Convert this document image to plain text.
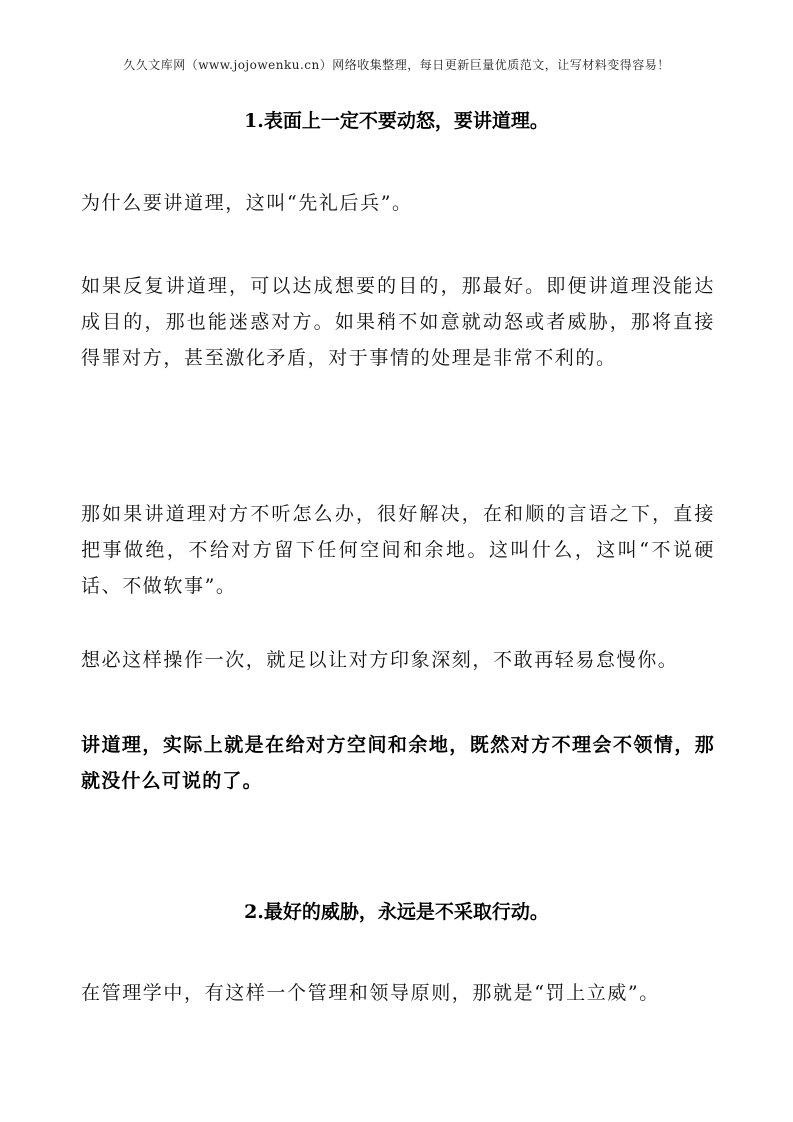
久久文库网（www.jojowenku.cn）网络收集整理，每日更新巨量优质范文，让写材料变得容易！
1.表面上一定不要动怒，要讲道理。
为什么要讲道理，这叫“先礼后兵”。
如果反复讲道理，可以达成想要的目的，那最好。即便讲道理没能达成目的，那也能迷惑对方。如果稍不如意就动怒或者威胁，那将直接得罪对方，甚至激化矛盾，对于事情的处理是非常不利的。
那如果讲道理对方不听怎么办，很好解决，在和顺的言语之下，直接把事做绝，不给对方留下任何空间和余地。这叫什么，这叫“不说硬话、不做软事”。
想必这样操作一次，就足以让对方印象深刻，不敢再轻易怠慢你。
讲道理，实际上就是在给对方空间和余地，既然对方不理会不领情，那就没什么可说的了。
2.最好的威胁，永远是不采取行动。
在管理学中，有这样一个管理和领导原则，那就是“罚上立威”。
